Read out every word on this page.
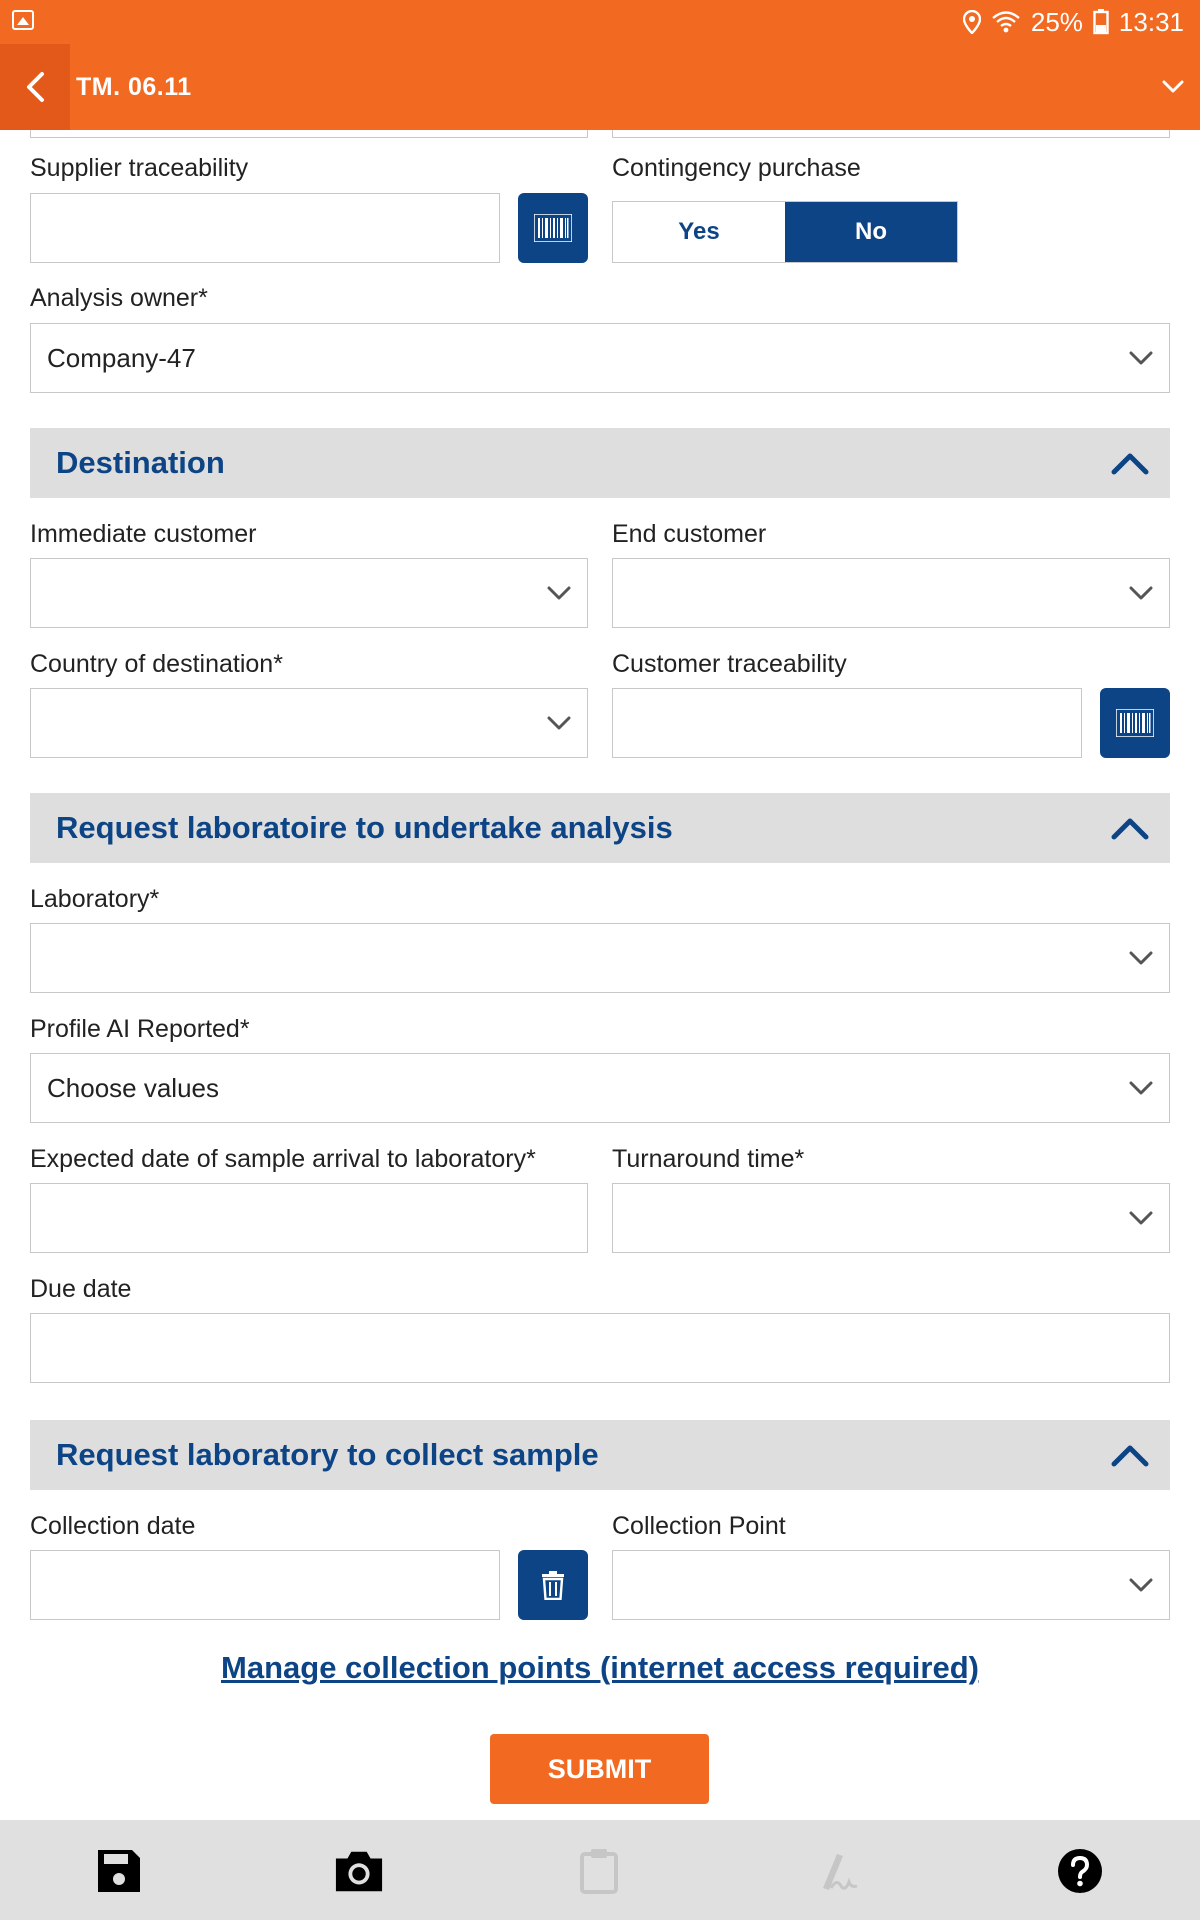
25% 13:31
TM. 06.11
Supplier traceability	Contingency purchase
Yes	No
Analysis owner*
Company-47
Destination
Immediate customer	End customer
Country of destination*	Customer traceability
Request laboratoire to undertake analysis
Laboratory*
Profile AI Reported*
Choose values
Expected date of sample arrival to laboratory*	Turnaround time*
Due date
Request laboratory to collect sample
Collection date	Collection Point
Manage collection points (internet access required)
SUBMIT
